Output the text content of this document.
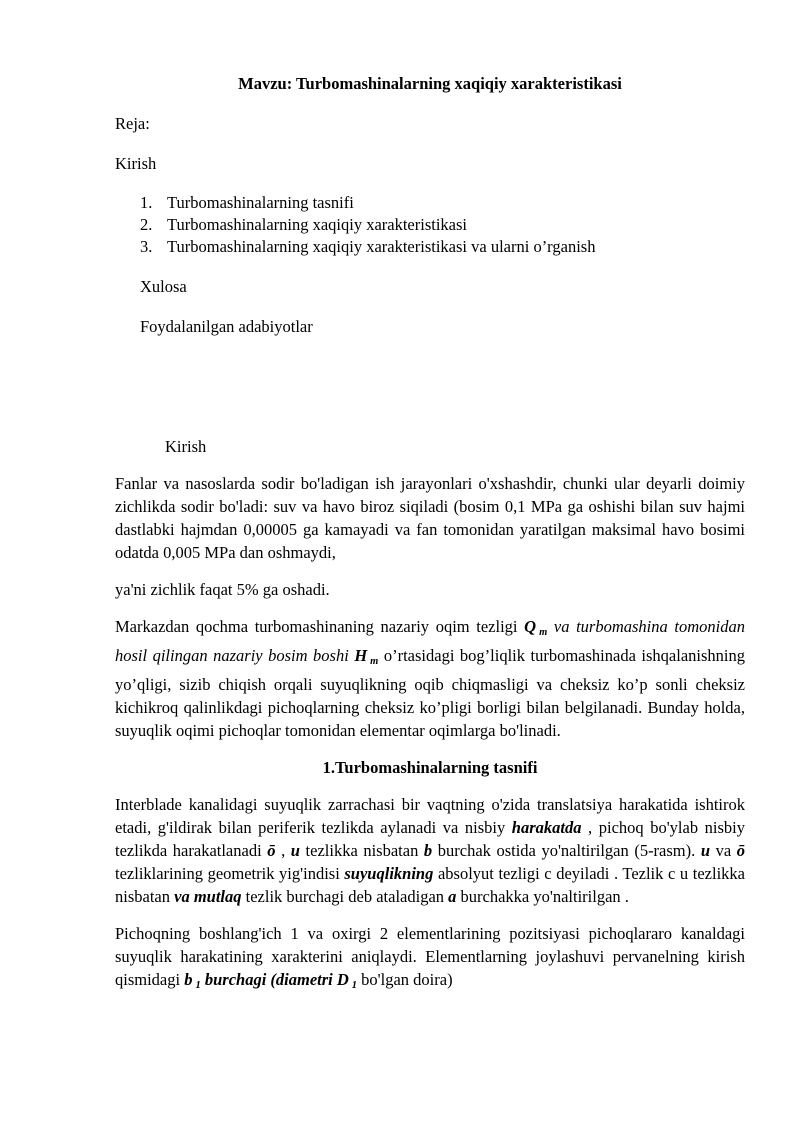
Mavzu: Turbomashinalarning xaqiqiy xarakteristikasi

Reja:

Kirish

1. Turbomashinalarning tasnifi

2. Turbomashinalarning xaqiqiy xarakteristikasi

3. Turbomashinalarning xaqiqiy xarakteristikasi va ularni o’rganish

Xulosa

Foydalanilgan adabiyotlar

Kirish

Fanlar va nasoslarda sodir bo'ladigan ish jarayonlari o'xshashdir, chunki ular deyarli doimiy zichlikda sodir bo'ladi: suv va havo biroz siqiladi (bosim 0,1 MPa ga oshishi bilan suv hajmi dastlabki hajmdan 0,00005 ga kamayadi va fan tomonidan yaratilgan maksimal havo bosimi odatda 0,005 MPa dan oshmaydi,

ya'ni zichlik faqat 5% ga oshadi.

Markazdan qochma turbomashinaning nazariy oqim tezligi Q $_m$ va turbomashina tomonidan hosil qilingan nazariy bosim boshi H $_m$ o’rtasidagi bog’liqlik turbomashinada ishqalanishning yo’qligi, sizib chiqish orqali suyuqlikning oqib chiqmasligi va cheksiz ko’p sonli cheksiz kichikroq qalinlikdagi pichoqlarning cheksiz ko’pligi borligi bilan belgilanadi. Bunday holda, suyuqlik oqimi pichoqlar tomonidan elementar oqimlarga bo'linadi.

1.Turbomashinalarning tasnifi

Interblade kanalidagi suyuqlik zarrachasi bir vaqtning o'zida translatsiya harakatida ishtirok etadi, g'ildirak bilan periferik tezlikda aylanadi va nisbiy harakatda , pichoq bo'ylab nisbiy tezlikda harakatlanadi ō , u tezlikka nisbatan b burchak ostida yo'naltirilgan (5-rasm). u va ō tezliklarining geometrik yig'indisi suyuqlikning absolyut tezligi c deyiladi . Tezlik c u tezlikka nisbatan va mutlaq tezlik burchagi deb ataladigan a burchakka yo'naltirilgan .

Pichoqning boshlang'ich 1 va oxirgi 2 elementlarining pozitsiyasi pichoqlararo kanaldagi suyuqlik harakatining xarakterini aniqlaydi. Elementlarning joylashuvi pervanelning kirish qismidagi b $_1$ burchagi (diametri D $_1$ bo'lgan doira)
